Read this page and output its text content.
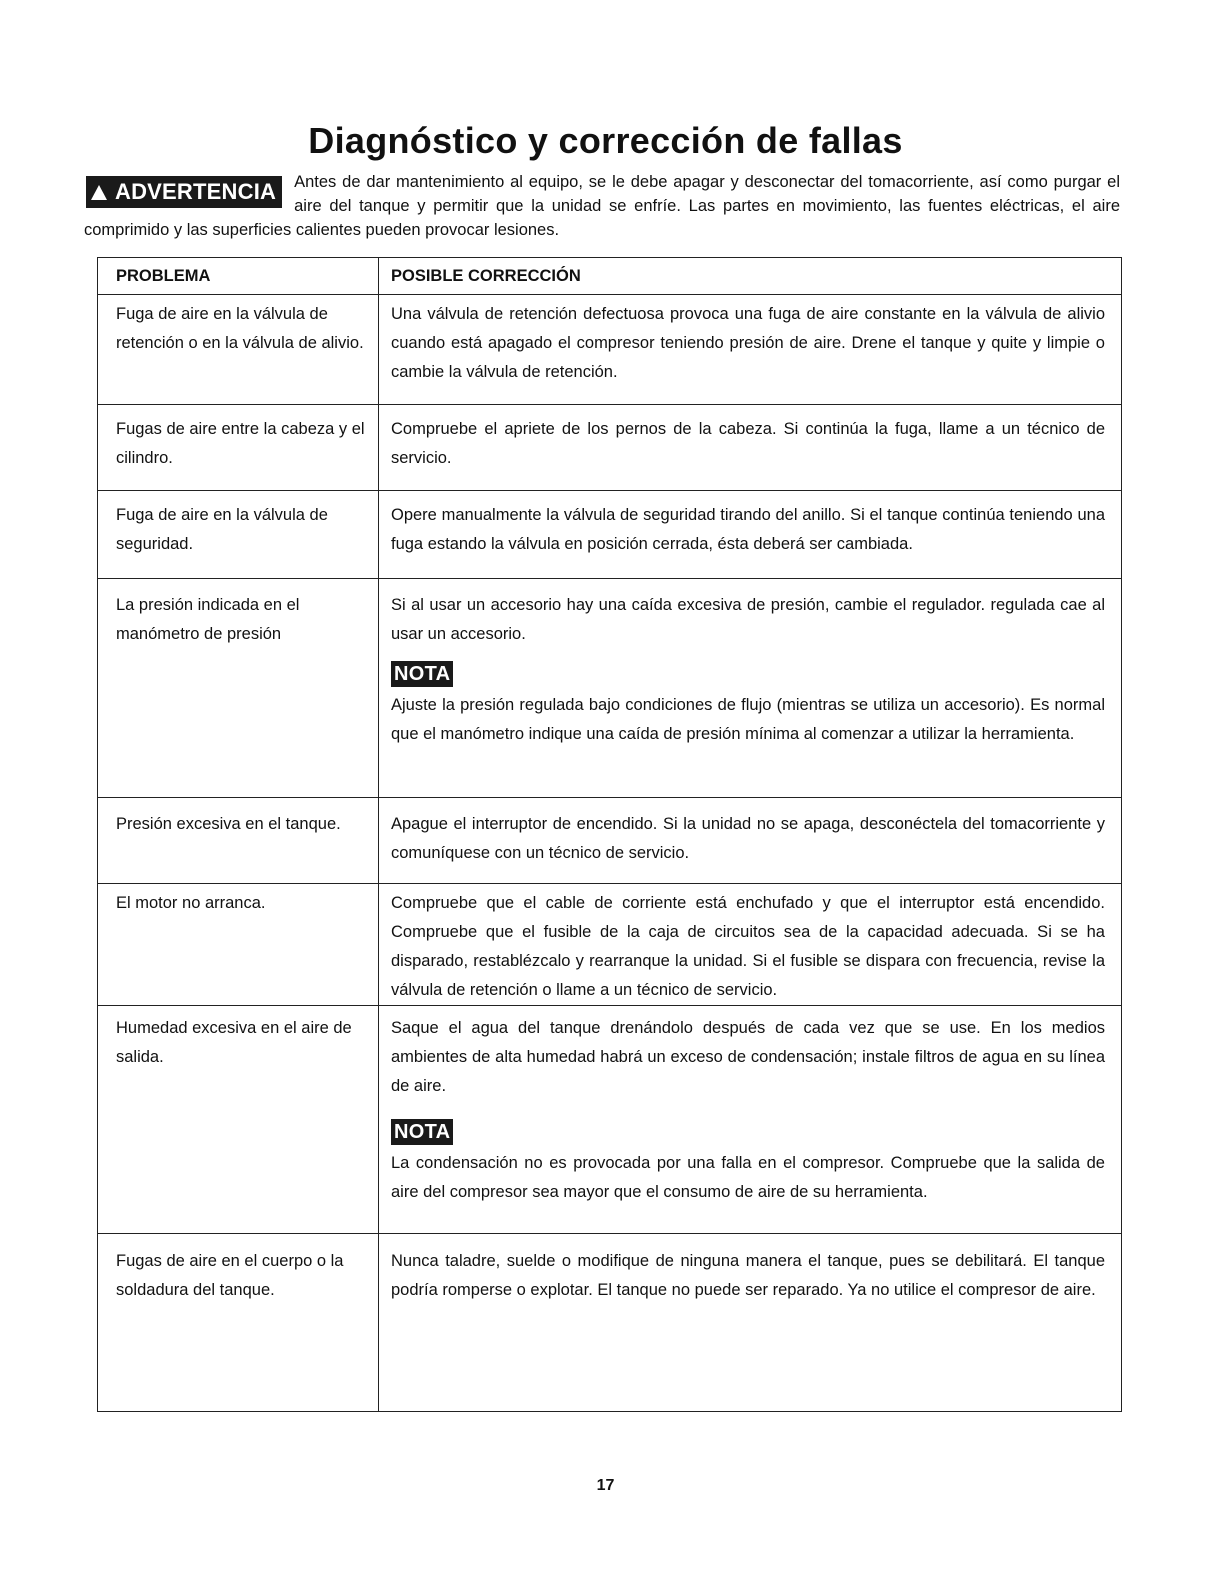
Diagnóstico y corrección de fallas
ADVERTENCIA	Antes de dar mantenimiento al equipo, se le debe apagar y desconectar del tomacorriente, así como purgar el aire del tanque y permitir que la unidad se enfríe. Las partes en movimiento, las fuentes eléctricas, el aire comprimido y las superficies calientes pueden provocar lesiones.
PROBLEMA	POSIBLE CORRECCIÓN
Fuga de aire en la válvula de retención o en la válvula de alivio.	Una válvula de retención defectuosa provoca una fuga de aire constante en la válvula de alivio cuando está apagado el compresor teniendo presión de aire. Drene el tanque y quite y limpie o cambie la válvula de retención.
Fugas de aire entre la cabeza y el cilindro.	Compruebe el apriete de los pernos de la cabeza. Si continúa la fuga, llame a un técnico de servicio.
Fuga de aire en la válvula de seguridad.	Opere manualmente la válvula de seguridad tirando del anillo. Si el tanque continúa teniendo una fuga estando la válvula en posición cerrada, ésta deberá ser cambiada.
La presión indicada en el manómetro de presión	Si al usar un accesorio hay una caída excesiva de presión, cambie el regulador. regulada cae al usar un accesorio.
NOTA
Ajuste la presión regulada bajo condiciones de flujo (mientras se utiliza un accesorio). Es normal que el manómetro indique una caída de presión mínima al comenzar a utilizar la herramienta.

Presión excesiva en el tanque.	Apague el interruptor de encendido. Si la unidad no se apaga, desconéctela del tomacorriente y comuníquese con un técnico de servicio.
El motor no arranca.	Compruebe que el cable de corriente está enchufado y que el interruptor está encendido. Compruebe que el fusible de la caja de circuitos sea de la capacidad adecuada. Si se ha disparado, restablézcalo y rearranque la unidad. Si el fusible se dispara con frecuencia, revise la válvula de retención o llame a un técnico de servicio.
Humedad excesiva en el aire de salida.	Saque el agua del tanque drenándolo después de cada vez que se use. En los medios ambientes de alta humedad habrá un exceso de condensación; instale filtros de agua en su línea de aire.
NOTA
La condensación no es provocada por una falla en el compresor. Compruebe que la salida de aire del compresor sea mayor que el consumo de aire de su herramienta.

Fugas de aire en el cuerpo o la soldadura del tanque.	Nunca taladre, suelde o modifique de ninguna manera el tanque, pues se debilitará. El tanque podría romperse o explotar. El tanque no puede ser reparado. Ya no utilice el compresor de aire.
17
